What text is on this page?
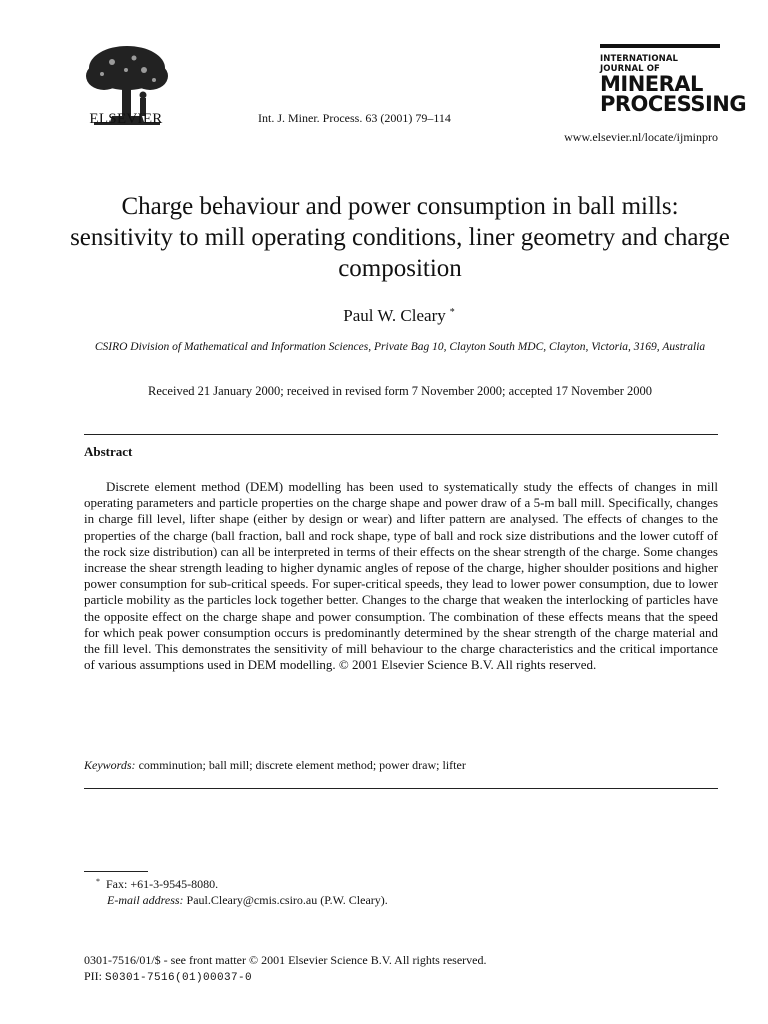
ELSEVIER	Int. J. Miner. Process. 63 (2001) 79–114
INTERNATIONAL JOURNAL OF
MINERAL
PROCESSING
www.elsevier.nl/locate/ijminpro
Charge behaviour and power consumption in ball mills: sensitivity to mill operating conditions, liner geometry and charge composition
Paul W. Cleary *
CSIRO Division of Mathematical and Information Sciences, Private Bag 10, Clayton South MDC, Clayton, Victoria, 3169, Australia
Received 21 January 2000; received in revised form 7 November 2000; accepted 17 November 2000
Abstract
Discrete element method (DEM) modelling has been used to systematically study the effects of changes in mill operating parameters and particle properties on the charge shape and power draw of a 5-m ball mill. Specifically, changes in charge fill level, lifter shape (either by design or wear) and lifter pattern are analysed. The effects of changes to the properties of the charge (ball fraction, ball and rock shape, type of ball and rock size distributions and the lower cutoff of the rock size distribution) can all be interpreted in terms of their effects on the shear strength of the charge. Some changes increase the shear strength leading to higher dynamic angles of repose of the charge, higher shoulder positions and higher power consumption for sub-critical speeds. For super-critical speeds, they lead to lower power consumption, due to lower particle mobility as the particles lock together better. Changes to the charge that weaken the interlocking of particles have the opposite effect on the charge shape and power consumption. The combination of these effects means that the speed for which peak power consumption occurs is predominantly determined by the shear strength of the charge material and the fill level. This demonstrates the sensitivity of mill behaviour to the charge characteristics and the critical importance of various assumptions used in DEM modelling. © 2001 Elsevier Science B.V. All rights reserved.
Keywords: comminution; ball mill; discrete element method; power draw; lifter
* Fax: +61-3-9545-8080.
E-mail address: Paul.Cleary@cmis.csiro.au (P.W. Cleary).
0301-7516/01/$ - see front matter © 2001 Elsevier Science B.V. All rights reserved.
PII: S0301-7516(01)00037-0
